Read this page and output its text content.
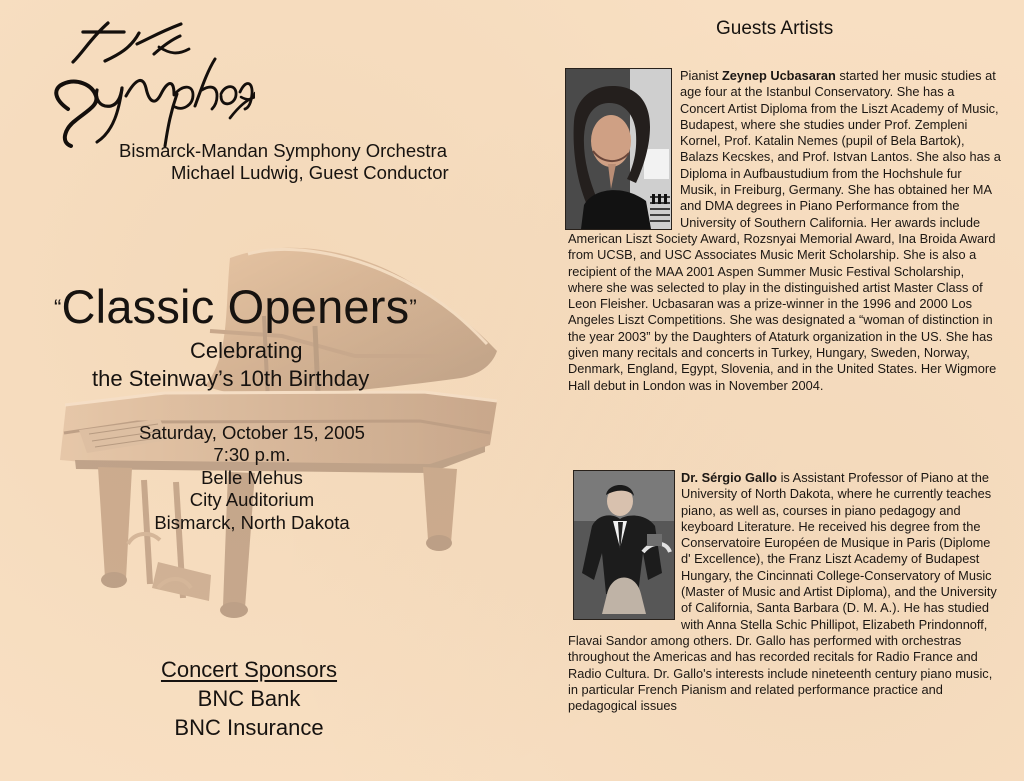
Bismarck-Mandan Symphony Orchestra
Michael Ludwig, Guest Conductor
“Classic Openers”
Celebrating
the Steinway’s 10th Birthday
Saturday, October 15, 2005
7:30 p.m.
Belle Mehus
City Auditorium
Bismarck, North Dakota
Concert Sponsors
BNC Bank
BNC Insurance
Guests Artists
Pianist Zeynep Ucbasaran started her music studies at age four at the Istanbul Conservatory. She has a Concert Artist Diploma from the Liszt Academy of Music, Budapest, where she studies under Prof. Zempleni Kornel, Prof. Katalin Nemes (pupil of Bela Bartok), Balazs Kecskes, and Prof. Istvan Lantos. She also has a Diploma in Aufbaustudium from the Hochshule fur Musik, in Freiburg, Germany. She has obtained her MA and DMA degrees in Piano Performance from the University of Southern California. Her awards include American Liszt Society Award, Rozsnyai Memorial Award, Ina Broida Award from UCSB, and USC Associates Music Merit Scholarship. She is also a recipient of the MAA 2001 Aspen Summer Music Festival Scholarship, where she was selected to play in the distinguished artist Master Class of Leon Fleisher. Ucbasaran was a prize-winner in the 1996 and 2000 Los Angeles Liszt Competitions. She was designated a “woman of distinction in the year 2003” by the Daughters of Ataturk organization in the US. She has given many recitals and concerts in Turkey, Hungary, Sweden, Norway, Denmark, England, Egypt, Slovenia, and in the United States. Her Wigmore Hall debut in London was in November 2004.
Dr. Sérgio Gallo is Assistant Professor of Piano at the University of North Dakota, where he currently teaches piano, as well as, courses in piano pedagogy and keyboard Literature. He received his degree from the Conservatoire Européen de Musique in Paris (Diplome d' Excellence), the Franz Liszt Academy of Budapest Hungary, the Cincinnati College-Conservatory of Music (Master of Music and Artist Diploma), and the University of California, Santa Barbara (D. M. A.). He has studied with Anna Stella Schic Phillipot, Elizabeth Prindonnoff, Flavai Sandor among others. Dr. Gallo has performed with orchestras throughout the Americas and has recorded recitals for Radio France and Radio Cultura. Dr. Gallo's interests include nineteenth century piano music, in particular French Pianism and related performance practice and pedagogical issues
